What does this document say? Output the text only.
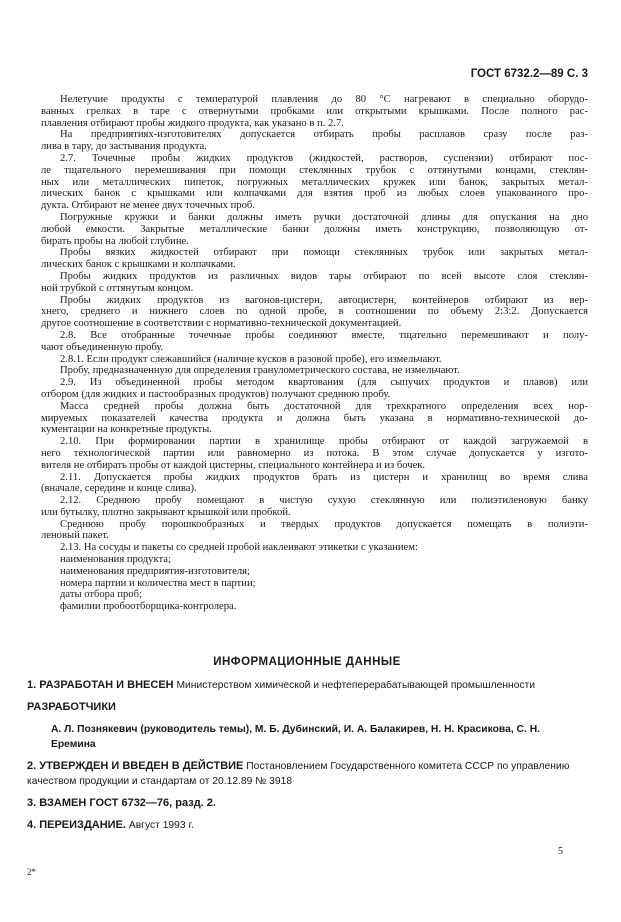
ГОСТ 6732.2—89 С. 3
Нелетучие продукты с температурой плавления до 80 °С нагревают в специально оборудо-
ванных грелках в таре с отвернутыми пробками или открытыми крышками. После полного рас-
плавления отбирают пробы жидкого продукта, как указано в п. 2.7.
На предприятиях-изготовителях допускается отбирать пробы расплавов сразу после раз-
лива в тару, до застывания продукта.
2.7. Точечные пробы жидких продуктов (жидкостей, растворов, суспензии) отбирают пос-
ле тщательного перемешивания при помощи стеклянных трубок с оттянутыми концами, стеклян-
ных или металлических пипеток, погружных металлических кружек или банок, закрытых метал-
лических банок с крышками или колпачками для взятия проб из любых слоев упакованного про-
дукта. Отбирают не менее двух точечных проб.
Погружные кружки и банки должны иметь ручки достаточной длины для опускания на дно
любой емкости. Закрытые металлические банки должны иметь конструкцию, позволяющую от-
бирать пробы на любой глубине.
Пробы вязких жидкостей отбирают при помощи стеклянных трубок или закрытых метал-
лических банок с крышками и колпачками.
Пробы жидких продуктов из различных видов тары отбирают по всей высоте слоя стеклян-
ной трубкой с оттянутым концом.
Пробы жидких продуктов из вагонов-цистерн, автоцистерн, контейнеров отбирают из вер-
хнего, среднего и нижнего слоев по одной пробе, в соотношении по объему 2:3:2. Допускается
другое соотношение в соответствии с нормативно-технической документацией.
2.8. Все отобранные точечные пробы соединяют вместе, тщательно перемешивают и полу-
чают объединенную пробу.
2.8.1. Если продукт слежавшийся (наличие кусков в разовой пробе), его измельчают.
Пробу, предназначенную для определения гранулометрического состава, не измельчают.
2.9. Из объединенной пробы методом квартования (для сыпучих продуктов и плавов) или
отбором (для жидких и пастообразных продуктов) получают среднюю пробу.
Масса средней пробы должна быть достаточной для трехкратного определения всех нор-
мируемых показателей качества продукта и должна быть указана в нормативно-технической до-
кументации на конкретные продукты.
2.10. При формировании партии в хранилище пробы отбирают от каждой загружаемой в
него технологической партии или равномерно из потока. В этом случае допускается у изгото-
вителя не отбирать пробы от каждой цистерны, специального контейнера и из бочек.
2.11. Допускается пробы жидких продуктов брать из цистерн и хранилищ во время слива
(вначале, середине и конце слива).
2.12. Среднюю пробу помещают в чистую сухую стеклянную или полиэтиленовую банку
или бутылку, плотно закрывают крышкой или пробкой.
Среднюю пробу порошкообразных и твердых продуктов допускается помещать в полиэти-
леновый пакет.
2.13. На сосуды и пакеты со средней пробой наклеивают этикетки с указанием:
наименования продукта;
наименования предприятия-изготовителя;
номера партии и количества мест в партии;
даты отбора проб;
фамилии пробоотборщика-контролера.
ИНФОРМАЦИОННЫЕ ДАННЫЕ
1. РАЗРАБОТАН И ВНЕСЕН Министерством химической и нефтеперерабатывающей промышленности
РАЗРАБОТЧИКИ
А. Л. Познякевич (руководитель темы), М. Б. Дубинский, И. А. Балакирев, Н. Н. Красикова, С. Н. Еремина
2. УТВЕРЖДЕН И ВВЕДЕН В ДЕЙСТВИЕ Постановлением Государственного комитета СССР по управлению качеством продукции и стандартам от 20.12.89 № 3918
3. ВЗАМЕН ГОСТ 6732—76, разд. 2.
4. ПЕРЕИЗДАНИЕ. Август 1993 г.
5
2*
